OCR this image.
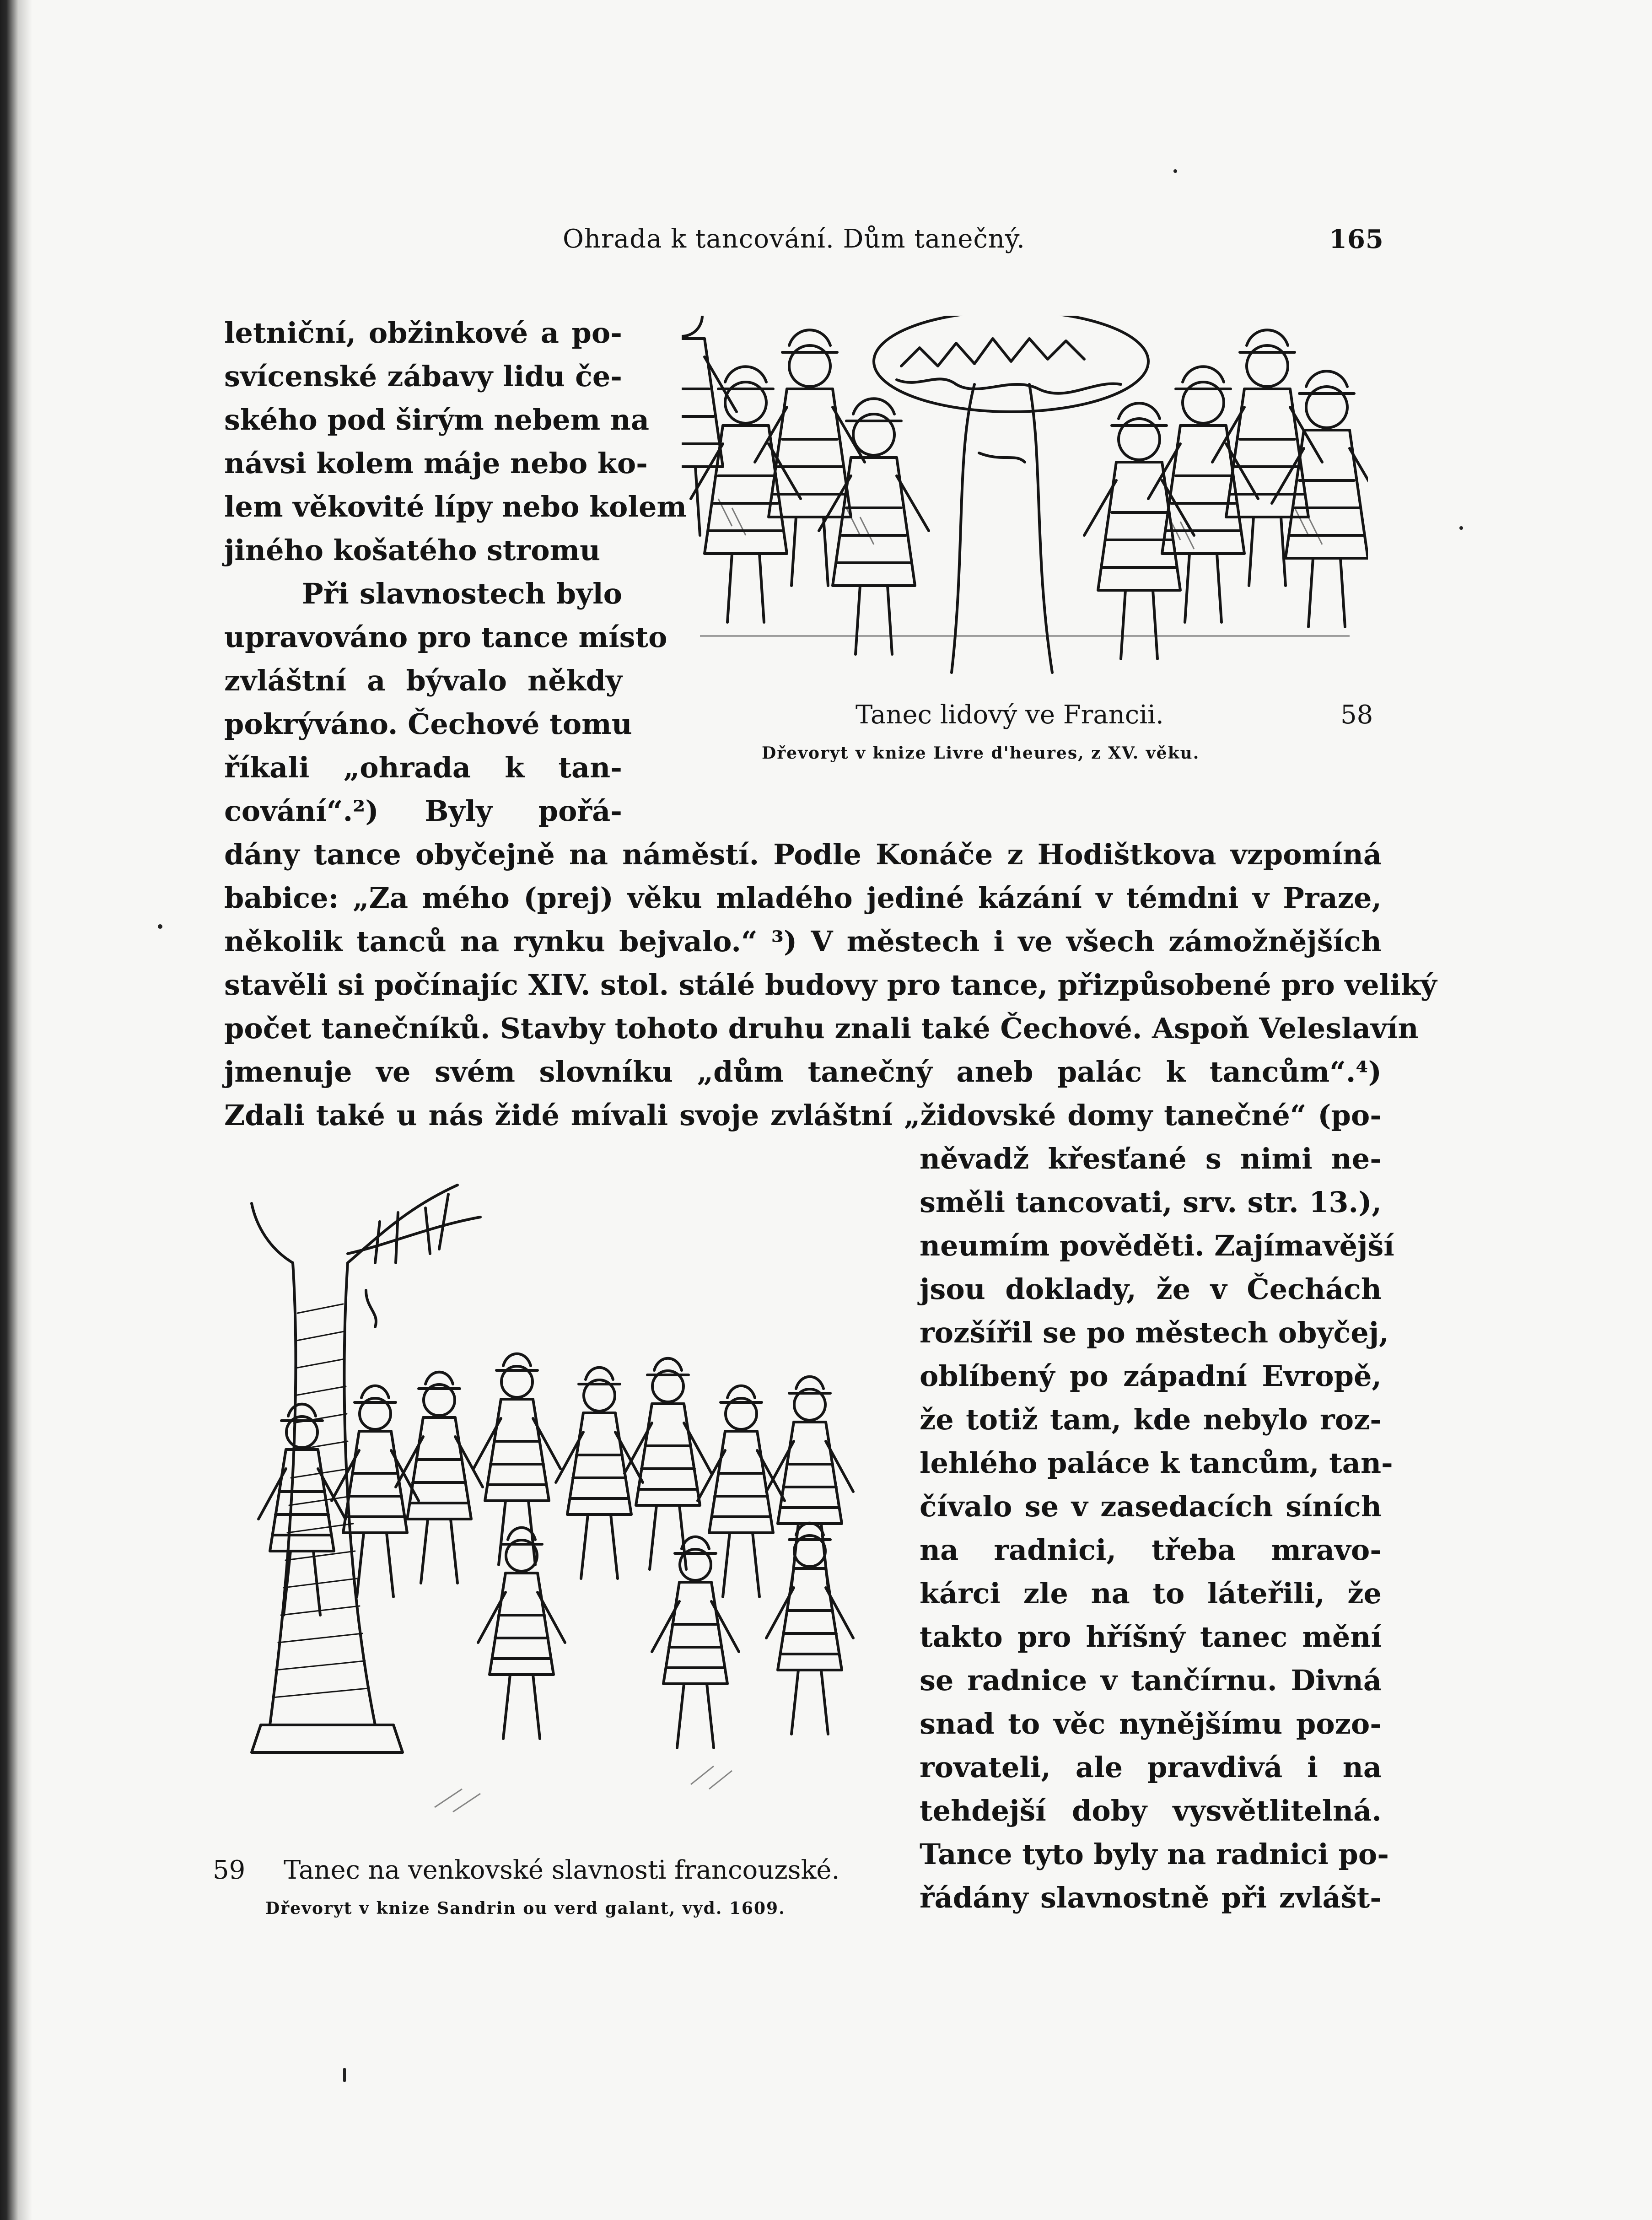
Ohrada k tancování. Dům tanečný.	165
letniční, obžinkové a po-
svícenské zábavy lidu če-
ského pod širým nebem na
návsi kolem máje nebo ko-
lem věkovité lípy nebo kolem
jiného košatého stromu
Při slavnostech bylo
upravováno pro tance místo
zvláštní a bývalo někdy
pokrýváno. Čechové tomu
říkali „ohrada k tan-
cování“.²) Byly pořá-
Tanec lidový ve Francii.	58
Dřevoryt v knize Livre d'heures, z XV. věku.
dány tance obyčejně na náměstí. Podle Konáče z Hodištkova vzpomíná
babice: „Za mého (prej) věku mladého jediné kázání v témdni v Praze,
několik tanců na rynku bejvalo.“ ³) V městech i ve všech zámožnějších
stavěli si počínajíc XIV. stol. stálé budovy pro tance, přizpůsobené pro veliký
počet tanečníků. Stavby tohoto druhu znali také Čechové. Aspoň Veleslavín
jmenuje ve svém slovníku „dům tanečný aneb palác k tancům“.⁴)
Zdali také u nás židé mívali svoje zvláštní „židovské domy tanečné“ (po-
něvadž křesťané s nimi ne-
směli tancovati, srv. str. 13.),
neumím pověděti. Zajímavější
jsou doklady, že v Čechách
rozšířil se po městech obyčej,
oblíbený po západní Evropě,
že totiž tam, kde nebylo roz-
lehlého paláce k tancům, tan-
čívalo se v zasedacích síních
na radnici, třeba mravo-
kárci zle na to láteřili, že
takto pro hříšný tanec mění
se radnice v tančírnu. Divná
snad to věc nynějšímu pozo-
rovateli, ale pravdivá i na
tehdejší doby vysvětlitelná.
Tance tyto byly na radnici po-
řádány slavnostně při zvlášt-
59 Tanec na venkovské slavnosti francouzské.
Dřevoryt v knize Sandrin ou verd galant, vyd. 1609.
